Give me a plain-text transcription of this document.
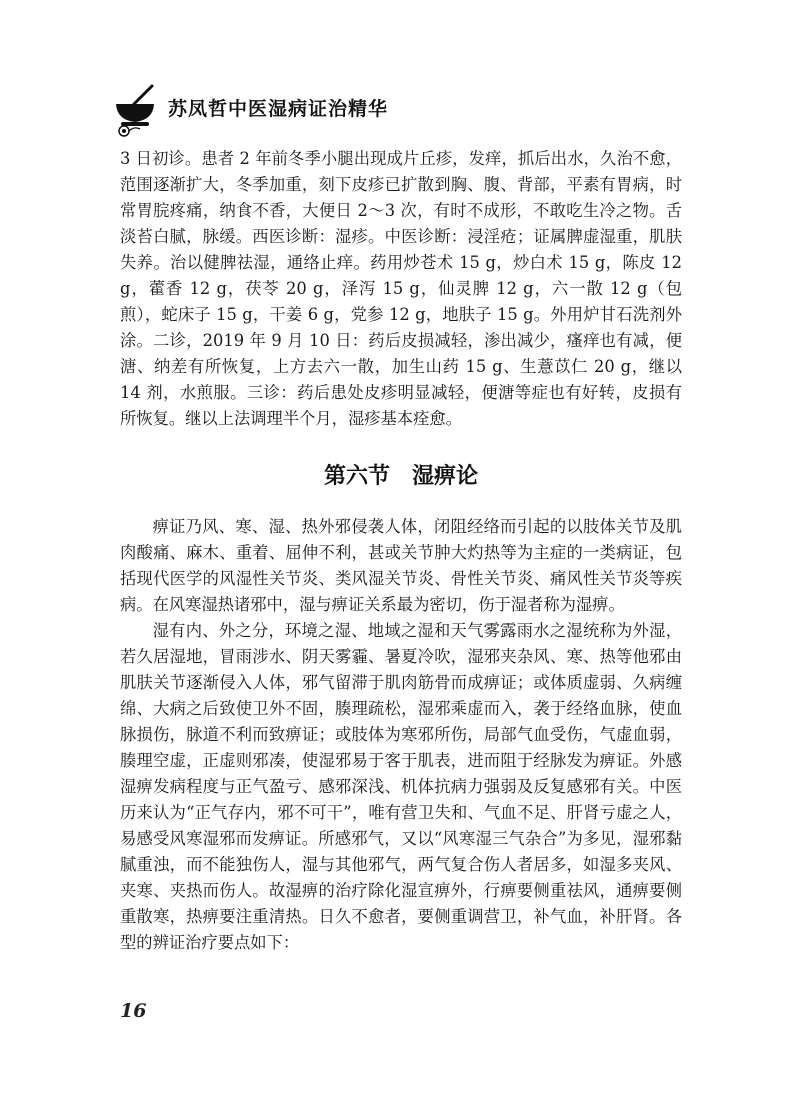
苏凤哲中医湿病证治精华

3 日初诊。患者 2 年前冬季小腿出现成片丘疹，发痒，抓后出水，久治不愈，范围逐渐扩大，冬季加重，刻下皮疹已扩散到胸、腹、背部，平素有胃病，时常胃脘疼痛，纳食不香，大便日 2～3 次，有时不成形，不敢吃生冷之物。舌淡苔白腻，脉缓。西医诊断：湿疹。中医诊断：浸淫疮；证属脾虚湿重，肌肤失养。治以健脾祛湿，通络止痒。药用炒苍术 15 g，炒白术 15 g，陈皮 12 g，藿香 12 g，茯苓 20 g，泽泻 15 g，仙灵脾 12 g，六一散 12 g（包煎），蛇床子 15 g，干姜 6 g，党参 12 g，地肤子 15 g。外用炉甘石洗剂外涂。二诊，2019 年 9 月 10 日：药后皮损减轻，渗出减少，瘙痒也有减，便溏、纳差有所恢复，上方去六一散，加生山药 15 g、生薏苡仁 20 g，继以 14 剂，水煎服。三诊：药后患处皮疹明显减轻，便溏等症也有好转，皮损有所恢复。继以上法调理半个月，湿疹基本痊愈。

第六节 湿痹论

痹证乃风、寒、湿、热外邪侵袭人体，闭阻经络而引起的以肢体关节及肌肉酸痛、麻木、重着、屈伸不利，甚或关节肿大灼热等为主症的一类病证，包括现代医学的风湿性关节炎、类风湿关节炎、骨性关节炎、痛风性关节炎等疾病。在风寒湿热诸邪中，湿与痹证关系最为密切，伤于湿者称为湿痹。

湿有内、外之分，环境之湿、地域之湿和天气雾露雨水之湿统称为外湿，若久居湿地，冒雨涉水、阴天雾霾、暑夏冷吹，湿邪夹杂风、寒、热等他邪由肌肤关节逐渐侵入人体，邪气留滞于肌肉筋骨而成痹证；或体质虚弱、久病缠绵、大病之后致使卫外不固，腠理疏松，湿邪乘虚而入，袭于经络血脉，使血脉损伤，脉道不利而致痹证；或肢体为寒邪所伤，局部气血受伤，气虚血弱，腠理空虚，正虚则邪凑，使湿邪易于客于肌表，进而阻于经脉发为痹证。外感湿痹发病程度与正气盈亏、感邪深浅、机体抗病力强弱及反复感邪有关。中医历来认为“正气存内，邪不可干”，唯有营卫失和、气血不足、肝肾亏虚之人，易感受风寒湿邪而发痹证。所感邪气，又以“风寒湿三气杂合”为多见，湿邪黏腻重浊，而不能独伤人，湿与其他邪气，两气复合伤人者居多，如湿多夹风、夹寒、夹热而伤人。故湿痹的治疗除化湿宣痹外，行痹要侧重祛风，通痹要侧重散寒，热痹要注重清热。日久不愈者，要侧重调营卫，补气血，补肝肾。各型的辨证治疗要点如下：

16
